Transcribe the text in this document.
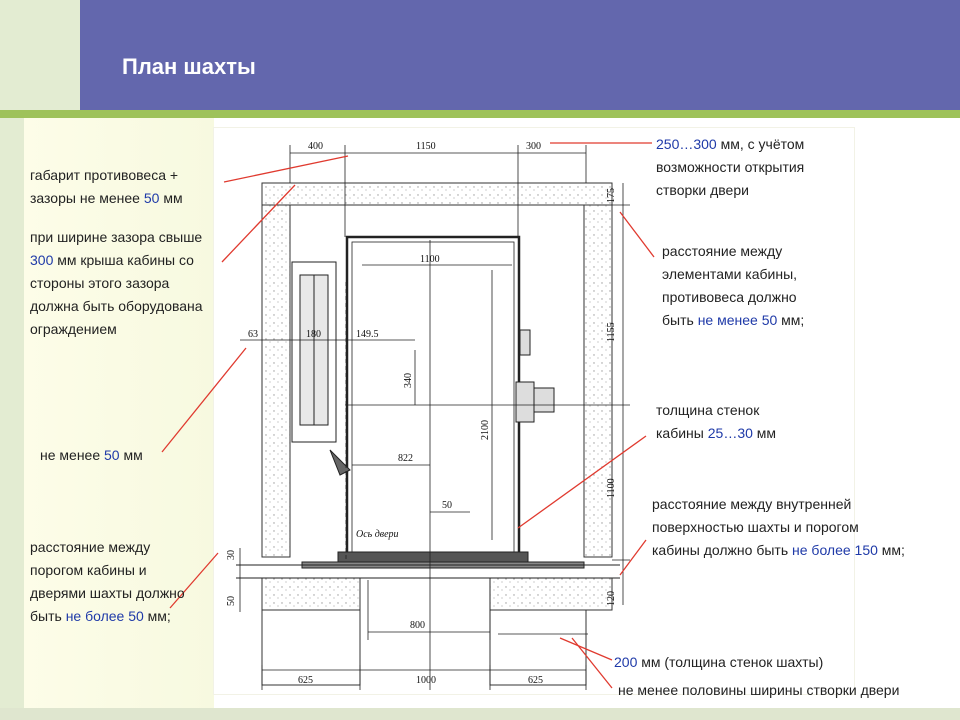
План шахты
400	1150	300
175
1155
1100
120
1100
180	149.5
63
340
2100
822
50
800
30
50
625	1000	625
Ось двери
габарит противовеса +
зазоры не менее 50 мм
при ширине зазора свыше
300 мм крыша кабины со
стороны этого зазора
должна быть оборудована
ограждением
не менее 50 мм
расстояние между
порогом кабины и
дверями шахты должно
быть не более 50 мм;
250…300 мм, с учётом
возможности открытия
створки двери
расстояние между
элементами кабины,
противовеса должно
быть не менее 50 мм;
толщина стенок
кабины 25…30 мм
расстояние между внутренней
поверхностью шахты и порогом
кабины должно быть не более 150 мм;
200 мм (толщина стенок шахты)
не менее половины ширины створки двери
